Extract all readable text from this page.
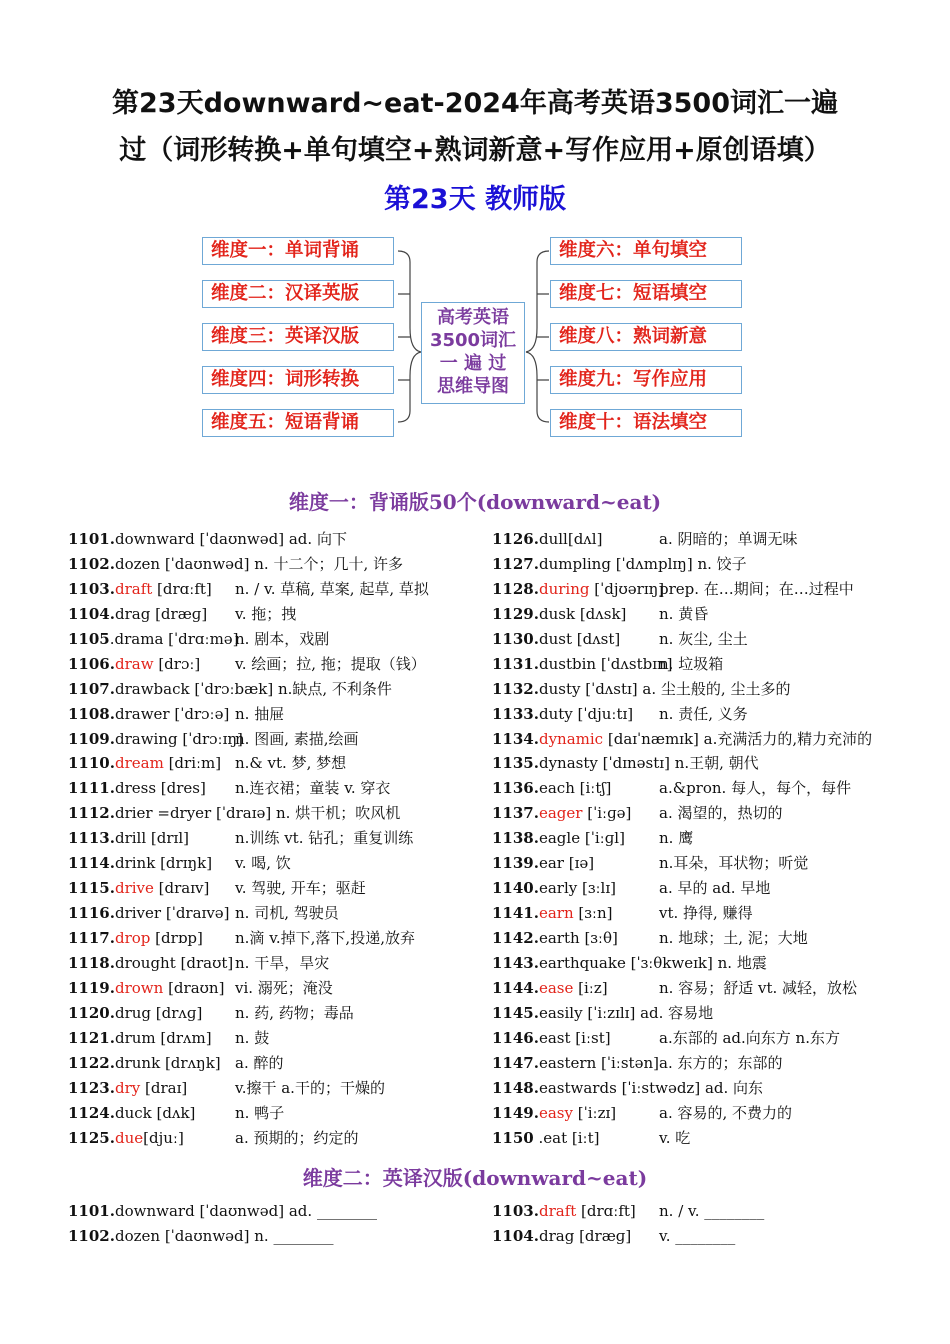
第23天downward~eat-2024年高考英语3500词汇一遍
过（词形转换+单句填空+熟词新意+写作应用+原创语填）
第23天 教师版
维度一：单词背诵
维度二：汉译英版
维度三：英译汉版
维度四：词形转换
维度五：短语背诵
维度六：单句填空
维度七：短语填空
维度八：熟词新意
维度九：写作应用
维度十：语法填空
高考英语
3500词汇
一 遍 过
思维导图
维度一：背诵版50个(downward~eat)
1101.downward [ˈdaʊnwəd] ad. 向下
1102.dozen [ˈdaʊnwəd] n. 十二个；几十, 许多
1103.draft [drɑːft] n. / v. 草稿, 草案, 起草, 草拟
1104.drag [dræɡ] v. 拖；拽
1105.drama [ˈdrɑːmə]
n. 剧本，戏剧
1106.draw [drɔː] v. 绘画；拉, 拖；提取（钱）
1107.drawback [ˈdrɔːbæk] n.缺点, 不利条件
1108.drawer [ˈdrɔːə] n. 抽屉
1109.drawing [ˈdrɔːɪŋ]
n. 图画, 素描,绘画
1110.dream [driːm] n.& vt. 梦, 梦想
1111.dress [dres] n.连衣裙；童装 v. 穿衣
1112.drier =dryer [ˈdraɪə] n. 烘干机；吹风机
1113.drill [drɪl]	n.训练 vt. 钻孔；重复训练
1114.drink [drɪŋk] v. 喝, 饮
1115.drive [draɪv] v. 驾驶, 开车；驱赶
1116.driver [ˈdraɪvə] n. 司机, 驾驶员
1117.drop [drɒp] n.滴 v.掉下,落下,投递,放弃
1118.drought [draʊt] n. 干旱，旱灾
1119.drown [draʊn] vi. 溺死；淹没
1120.drug [drʌɡ] n. 药, 药物；毒品
1121.drum [drʌm] n. 鼓
1122.drunk [drʌŋk] a. 醉的
1123.dry [draɪ]	v.擦干 a.干的；干燥的
1124.duck [dʌk]	n. 鸭子
1125.due[djuː]	a. 预期的；约定的
1126.dull[dʌl]	a. 阴暗的；单调无味
1127.dumpling [ˈdʌmplɪŋ] n. 饺子
1128.during [ˈdjʊərɪŋ]
prep. 在…期间；在…过程中
1129.dusk [dʌsk] n. 黄昏
1130.dust [dʌst]	n. 灰尘, 尘土
1131.dustbin [ˈdʌstbɪn]
n. 垃圾箱
1132.dusty [ˈdʌstɪ] a. 尘土般的, 尘土多的
1133.duty [ˈdjuːtɪ] n. 责任, 义务
1134.dynamic [daɪˈnæmɪk] a.充满活力的,精力充沛的
1135.dynasty [ˈdɪnəstɪ] n.王朝, 朝代
1136.each [iːtʃ]	a.&pron. 每人，每个，每件
1137.eager [ˈiːɡə] a. 渴望的，热切的
1138.eagle [ˈiːɡl] n. 鹰
1139.ear [ɪə]	n.耳朵，耳状物；听觉
1140.early [ɜːlɪ]	a. 早的 ad. 早地
1141.earn [ɜːn]	vt. 挣得, 赚得
1142.earth [ɜːθ]	n. 地球；土, 泥；大地
1143.earthquake [ˈɜːθkweɪk] n. 地震
1144.ease [iːz]	n. 容易；舒适 vt. 减轻，放松
1145.easily [ˈiːzɪlɪ] ad. 容易地
1146.east [iːst]	a.东部的 ad.向东方 n.东方
1147.eastern [ˈiːstən] a. 东方的；东部的
1148.eastwards [ˈiːstwədz] ad. 向东
1149.easy [ˈiːzɪ]	a. 容易的, 不费力的
1150 .eat [iːt]	v. 吃
维度二：英译汉版(downward~eat)
1101.downward [ˈdaʊnwəd] ad. ________
1102.dozen [ˈdaʊnwəd] n. ________
1103.draft [drɑːft] n. / v. ________
1104.drag [dræɡ] v. ________
